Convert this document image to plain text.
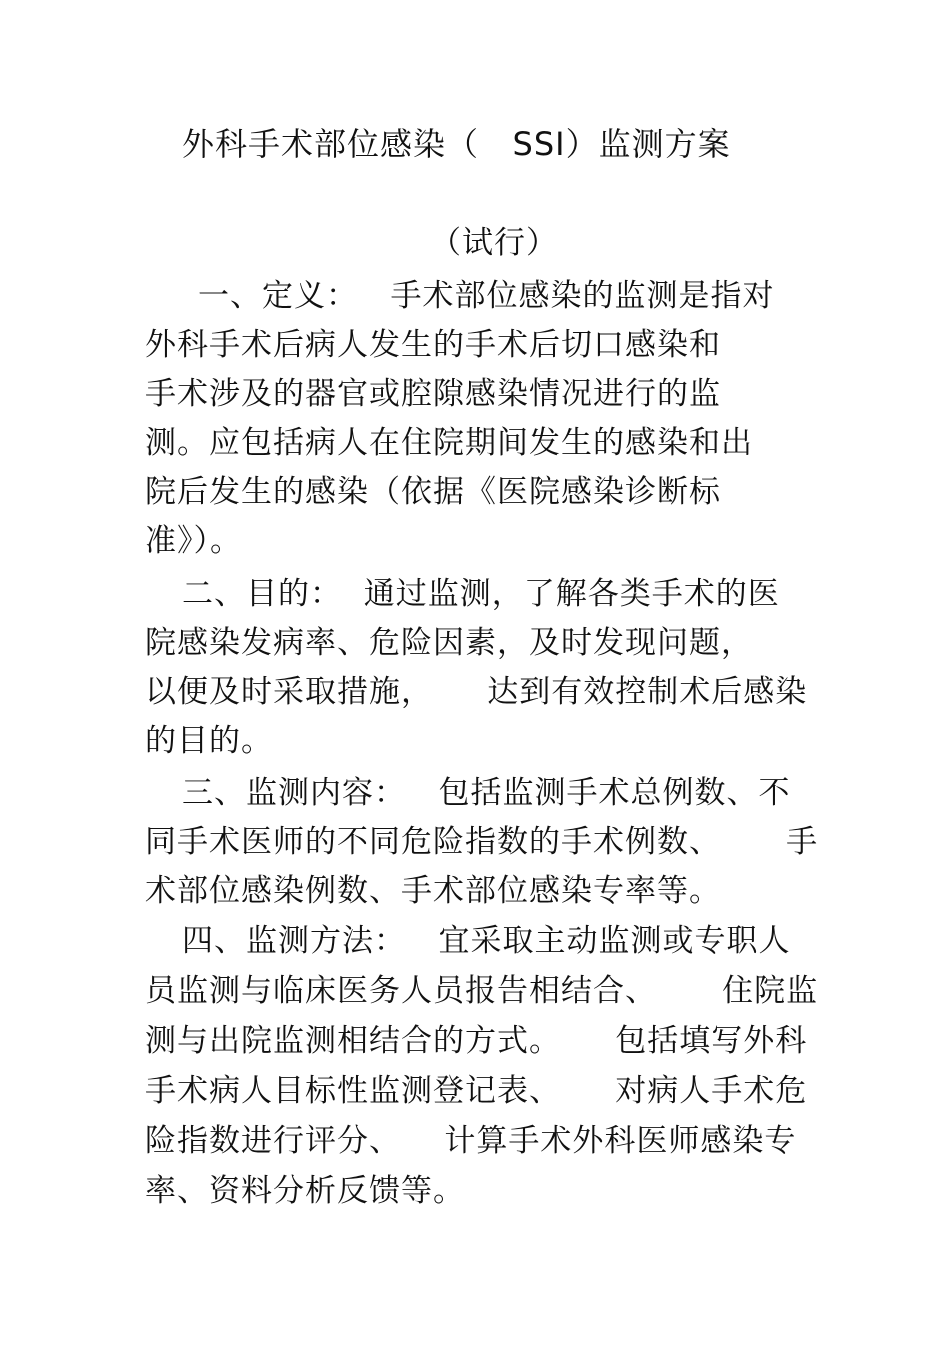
外科手术部位感染（   SSI）监测方案
（试行）
一、定义：   手术部位感染的监测是指对
外科手术后病人发生的手术后切口感染和
手术涉及的器官或腔隙感染情况进行的监
测。应包括病人在住院期间发生的感染和出
院后发生的感染（依据《医院感染诊断标
准》）。
二、目的：  通过监测，了解各类手术的医
院感染发病率、危险因素，及时发现问题，
以便及时采取措施，     达到有效控制术后感染
的目的。
三、监测内容：   包括监测手术总例数、不
同手术医师的不同危险指数的手术例数、      手
术部位感染例数、手术部位感染专率等。
四、监测方法：   宜采取主动监测或专职人
员监测与临床医务人员报告相结合、      住院监
测与出院监测相结合的方式。     包括填写外科
手术病人目标性监测登记表、     对病人手术危
险指数进行评分、    计算手术外科医师感染专
率、资料分析反馈等。
